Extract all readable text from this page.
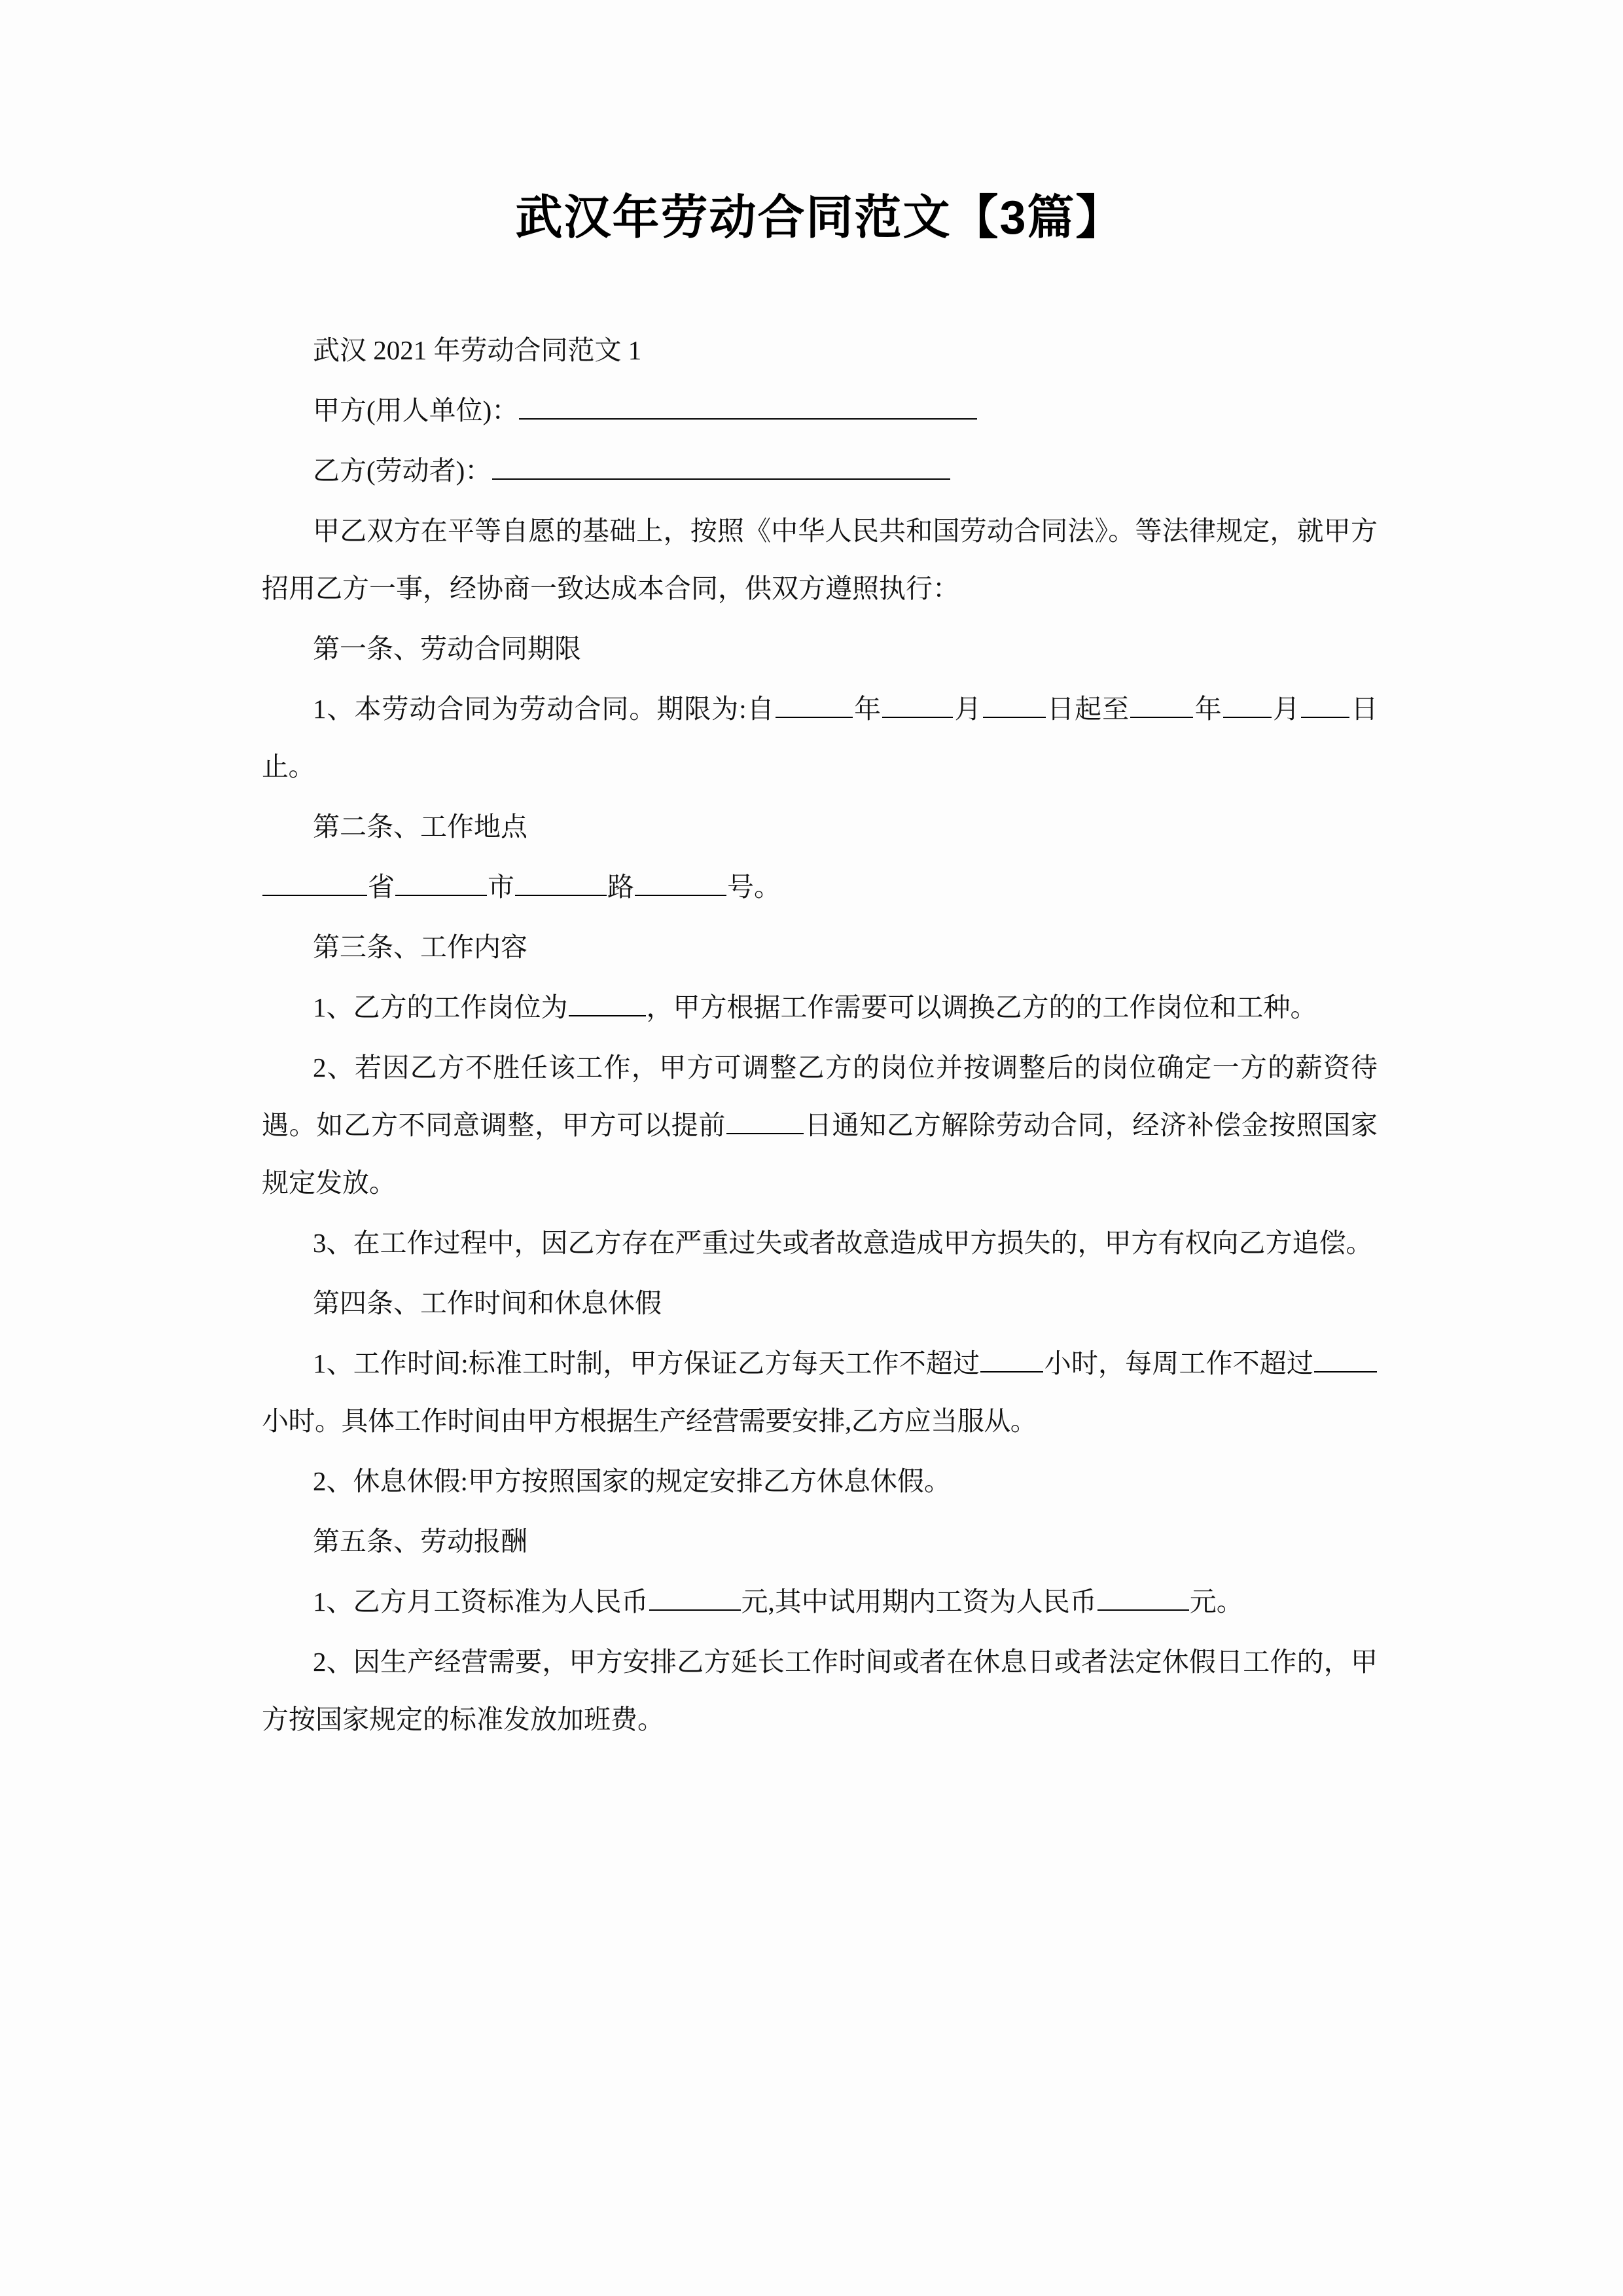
武汉年劳动合同范文【3篇】

武汉 2021 年劳动合同范文 1

甲方(用人单位)：

乙方(劳动者)：

甲乙双方在平等自愿的基础上，按照《中华人民共和国劳动合同法》。等法律规定，就甲方招用乙方一事，经协商一致达成本合同，供双方遵照执行：

第一条、劳动合同期限

1、本劳动合同为劳动合同。期限为:自	年	月 日起至 年 月 日止。

第二条、工作地点

省	市	路	号。

第三条、工作内容

1、乙方的工作岗位为	，甲方根据工作需要可以调换乙方的的工作岗位和工种。

2、若因乙方不胜任该工作，甲方可调整乙方的岗位并按调整后的岗位确定一方的薪资待遇。如乙方不同意调整，甲方可以提前	日通知乙方解除劳动合同，经济补偿金按照国家规定发放。

3、在工作过程中，因乙方存在严重过失或者故意造成甲方损失的，甲方有权向乙方追偿。

第四条、工作时间和休息休假

1、工作时间:标准工时制，甲方保证乙方每天工作不超过 小时，每周工作不超过小时。具体工作时间由甲方根据生产经营需要安排,乙方应当服从。

2、休息休假:甲方按照国家的规定安排乙方休息休假。

第五条、劳动报酬

1、乙方月工资标准为人民币	元,其中试用期内工资为人民币	元。

2、因生产经营需要，甲方安排乙方延长工作时间或者在休息日或者法定休假日工作的，甲方按国家规定的标准发放加班费。
